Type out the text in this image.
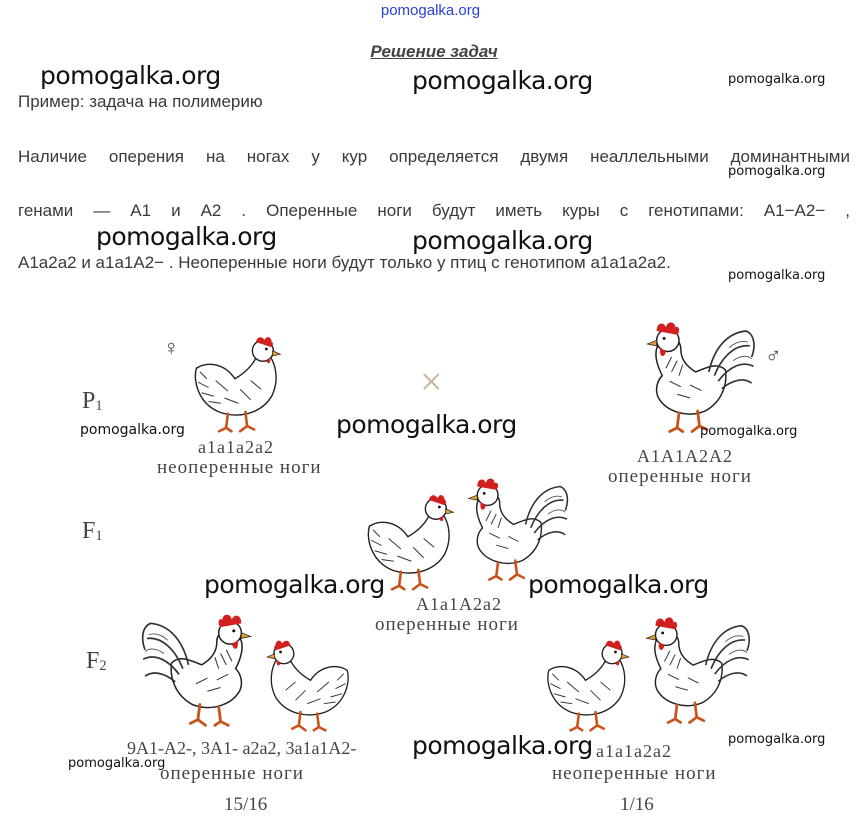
pomogalka.org
Решение задач
Пример: задача на полимерию
Наличие оперения на ногах у кур определяется двумя неаллельными доминантными
генами — A1 и A2 . Оперенные ноги будут иметь куры с генотипами: A1−A2− ,
A1a2a2 и a1a1A2− . Неоперенные ноги будут только у птиц с генотипом a1a1a2a2.
$P_1$
♀
×
♂
a1a1a2a2
неоперенные ноги
A1A1A2A2
оперенные ноги
$F_1$
A1a1A2a2
оперенные ноги
$F_2$
9A1-A2-, 3A1- a2a2, 3a1a1A2-
оперенные ноги
15/16
a1a1a2a2
неоперенные ноги
1/16
pomogalka.org	pomogalka.org	pomogalka.org
pomogalka.org
pomogalka.org	pomogalka.org
pomogalka.org
pomogalka.org	pomogalka.org	pomogalka.org
pomogalka.org	pomogalka.org
pomogalka.org	pomogalka.org
pomogalka.org
